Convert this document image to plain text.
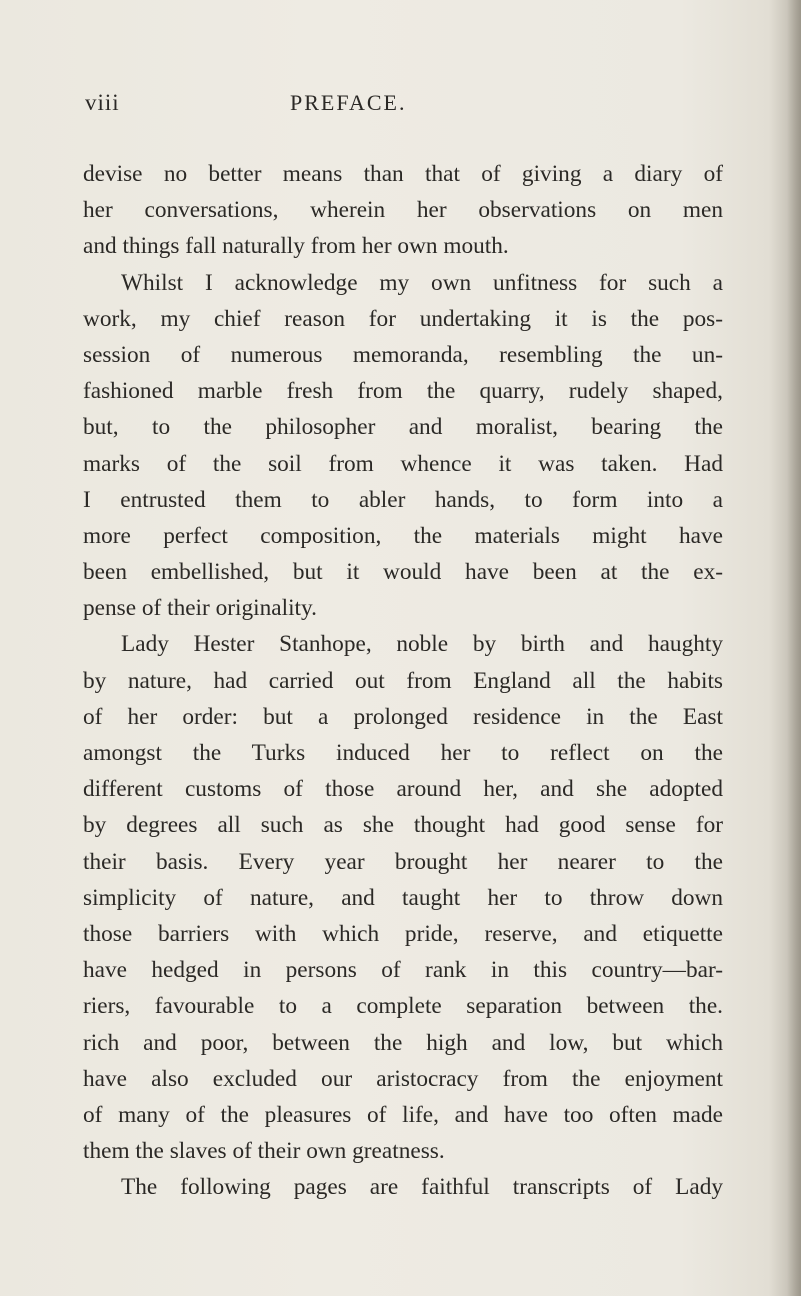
viii	PREFACE.
devise no better means than that of giving a diary of
her conversations, wherein her observations on men
and things fall naturally from her own mouth.
Whilst I acknowledge my own unfitness for such a
work, my chief reason for undertaking it is the pos-
session of numerous memoranda, resembling the un-
fashioned marble fresh from the quarry, rudely shaped,
but, to the philosopher and moralist, bearing the
marks of the soil from whence it was taken. Had
I entrusted them to abler hands, to form into a
more perfect composition, the materials might have
been embellished, but it would have been at the ex-
pense of their originality.
Lady Hester Stanhope, noble by birth and haughty
by nature, had carried out from England all the habits
of her order: but a prolonged residence in the East
amongst the Turks induced her to reflect on the
different customs of those around her, and she adopted
by degrees all such as she thought had good sense for
their basis. Every year brought her nearer to the
simplicity of nature, and taught her to throw down
those barriers with which pride, reserve, and etiquette
have hedged in persons of rank in this country—bar-
riers, favourable to a complete separation between the.
rich and poor, between the high and low, but which
have also excluded our aristocracy from the enjoyment
of many of the pleasures of life, and have too often made
them the slaves of their own greatness.
The following pages are faithful transcripts of Lady
